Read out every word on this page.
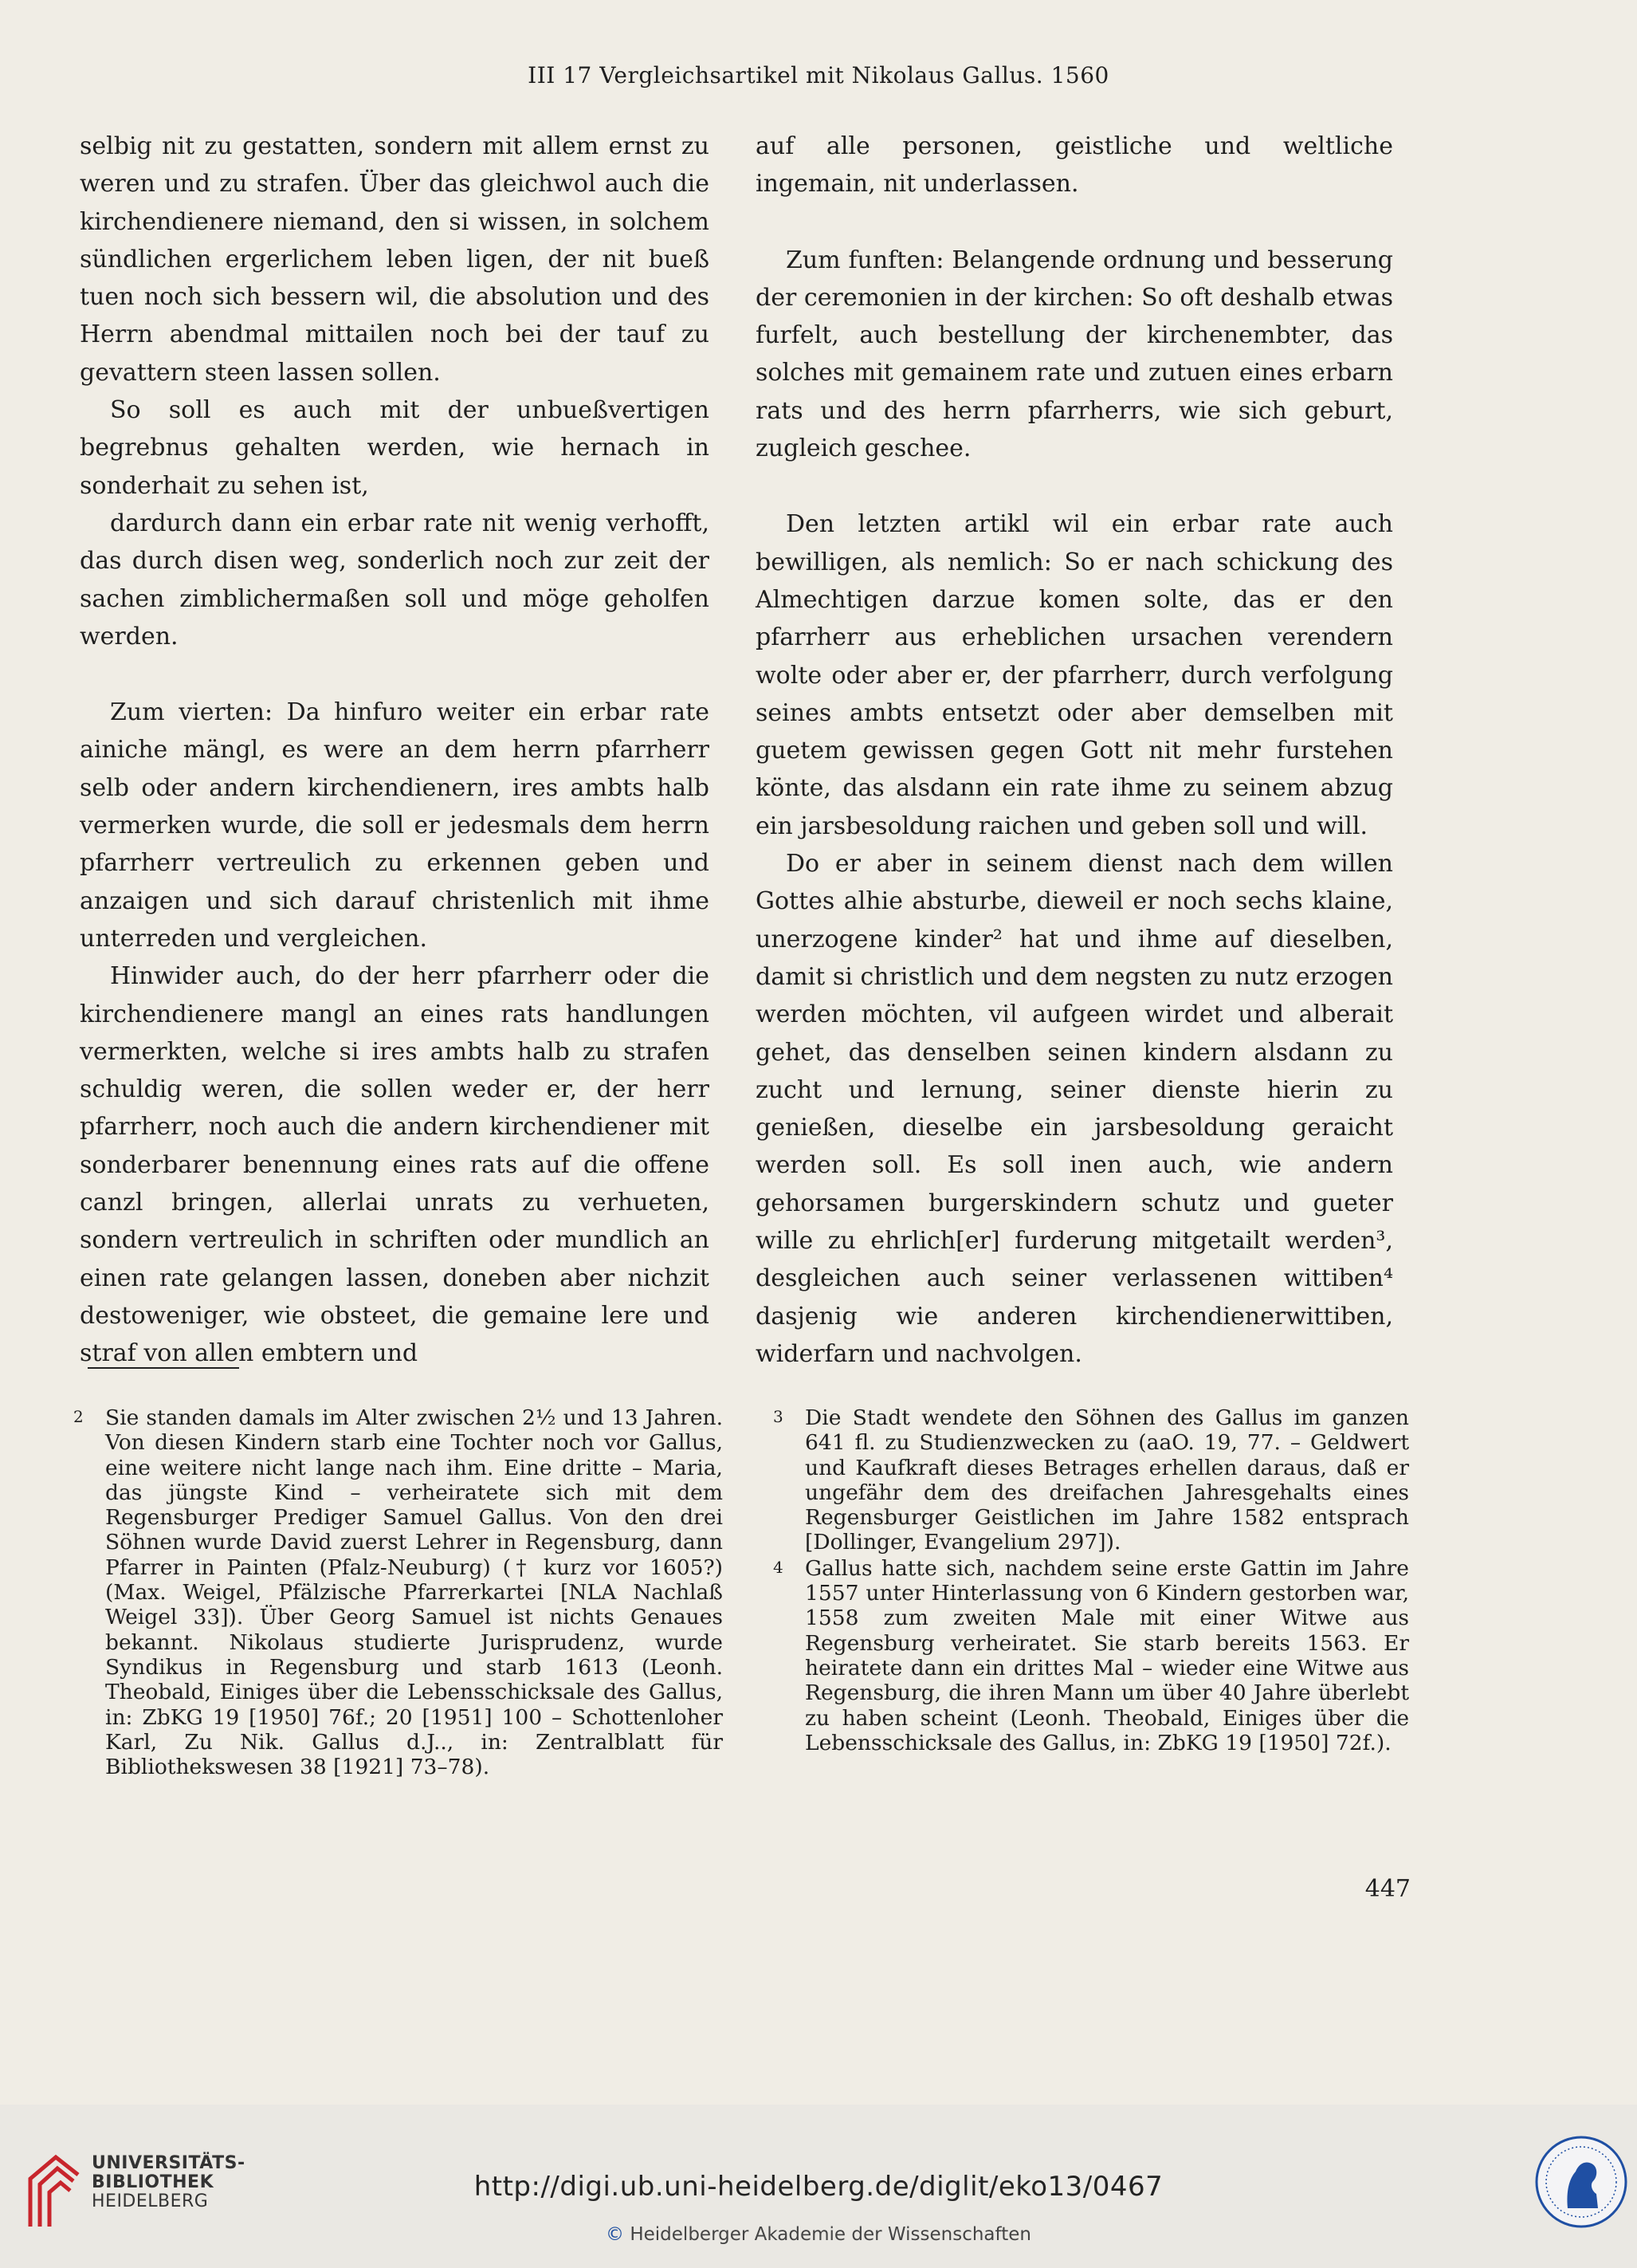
III 17 Vergleichsartikel mit Nikolaus Gallus. 1560

selbig nit zu gestatten, sondern mit allem ernst zu weren und zu strafen. Über das gleichwol auch die kirchendienere niemand, den si wissen, in solchem sündlichen ergerlichem leben ligen, der nit bueß tuen noch sich bessern wil, die absolution und des Herrn abendmal mittailen noch bei der tauf zu gevattern steen lassen sollen.

So soll es auch mit der unbueßvertigen begrebnus gehalten werden, wie hernach in sonderhait zu sehen ist,

dardurch dann ein erbar rate nit wenig verhofft, das durch disen weg, sonderlich noch zur zeit der sachen zimblichermaßen soll und möge geholfen werden.

Zum vierten: Da hinfuro weiter ein erbar rate ainiche mängl, es were an dem herrn pfarrherr selb oder andern kirchendienern, ires ambts halb vermerken wurde, die soll er jedesmals dem herrn pfarrherr vertreulich zu erkennen geben und anzaigen und sich darauf christenlich mit ihme unterreden und vergleichen.

Hinwider auch, do der herr pfarrherr oder die kirchendienere mangl an eines rats handlungen vermerkten, welche si ires ambts halb zu strafen schuldig weren, die sollen weder er, der herr pfarrherr, noch auch die andern kirchendiener mit sonderbarer benennung eines rats auf die offene canzl bringen, allerlai unrats zu verhueten, sondern vertreulich in schriften oder mundlich an einen rate gelangen lassen, doneben aber nichzit destoweniger, wie obsteet, die gemaine lere und straf von allen embtern und

auf alle personen, geistliche und weltliche ingemain, nit underlassen.

Zum funften: Belangende ordnung und besserung der ceremonien in der kirchen: So oft deshalb etwas furfelt, auch bestellung der kirchenembter, das solches mit gemainem rate und zutuen eines erbarn rats und des herrn pfarrherrs, wie sich geburt, zugleich geschee.

Den letzten artikl wil ein erbar rate auch bewilligen, als nemlich: So er nach schickung des Almechtigen darzue komen solte, das er den pfarrherr aus erheblichen ursachen verendern wolte oder aber er, der pfarrherr, durch verfolgung seines ambts entsetzt oder aber demselben mit guetem gewissen gegen Gott nit mehr furstehen könte, das alsdann ein rate ihme zu seinem abzug ein jarsbesoldung raichen und geben soll und will.

Do er aber in seinem dienst nach dem willen Gottes alhie absturbe, dieweil er noch sechs klaine, unerzogene kinder² hat und ihme auf dieselben, damit si christlich und dem negsten zu nutz erzogen werden möchten, vil aufgeen wirdet und alberait gehet, das denselben seinen kindern alsdann zu zucht und lernung, seiner dienste hierin zu genießen, dieselbe ein jarsbesoldung geraicht werden soll. Es soll inen auch, wie andern gehorsamen burgerskindern schutz und gueter wille zu ehrlich[er] furderung mitgetailt werden³, desgleichen auch seiner verlassenen wittiben⁴ dasjenig wie anderen kirchendienerwittiben, widerfarn und nachvolgen.

2 Sie standen damals im Alter zwischen 2½ und 13 Jahren. Von diesen Kindern starb eine Tochter noch vor Gallus, eine weitere nicht lange nach ihm. Eine dritte – Maria, das jüngste Kind – verheiratete sich mit dem Regensburger Prediger Samuel Gallus. Von den drei Söhnen wurde David zuerst Lehrer in Regensburg, dann Pfarrer in Painten (Pfalz-Neuburg) († kurz vor 1605?) (Max. Weigel, Pfälzische Pfarrerkartei [NLA Nachlaß Weigel 33]). Über Georg Samuel ist nichts Genaues bekannt. Nikolaus studierte Jurisprudenz, wurde Syndikus in Regensburg und starb 1613 (Leonh. Theobald, Einiges über die Lebensschicksale des Gallus, in: ZbKG 19 [1950] 76f.; 20 [1951] 100 – Schottenloher Karl, Zu Nik. Gallus d.J.., in: Zentralblatt für Bibliothekswesen 38 [1921] 73–78).

3 Die Stadt wendete den Söhnen des Gallus im ganzen 641 fl. zu Studienzwecken zu (aaO. 19, 77. – Geldwert und Kaufkraft dieses Betrages erhellen daraus, daß er ungefähr dem des dreifachen Jahresgehalts eines Regensburger Geistlichen im Jahre 1582 entsprach [Dollinger, Evangelium 297]).

4 Gallus hatte sich, nachdem seine erste Gattin im Jahre 1557 unter Hinterlassung von 6 Kindern gestorben war, 1558 zum zweiten Male mit einer Witwe aus Regensburg verheiratet. Sie starb bereits 1563. Er heiratete dann ein drittes Mal – wieder eine Witwe aus Regensburg, die ihren Mann um über 40 Jahre überlebt zu haben scheint (Leonh. Theobald, Einiges über die Lebensschicksale des Gallus, in: ZbKG 19 [1950] 72f.).

447
UNIVERSITÄTS-
BIBLIOTHEK
HEIDELBERG	http://digi.ub.uni-heidelberg.de/diglit/eko13/0467
© Heidelberger Akademie der Wissenschaften
